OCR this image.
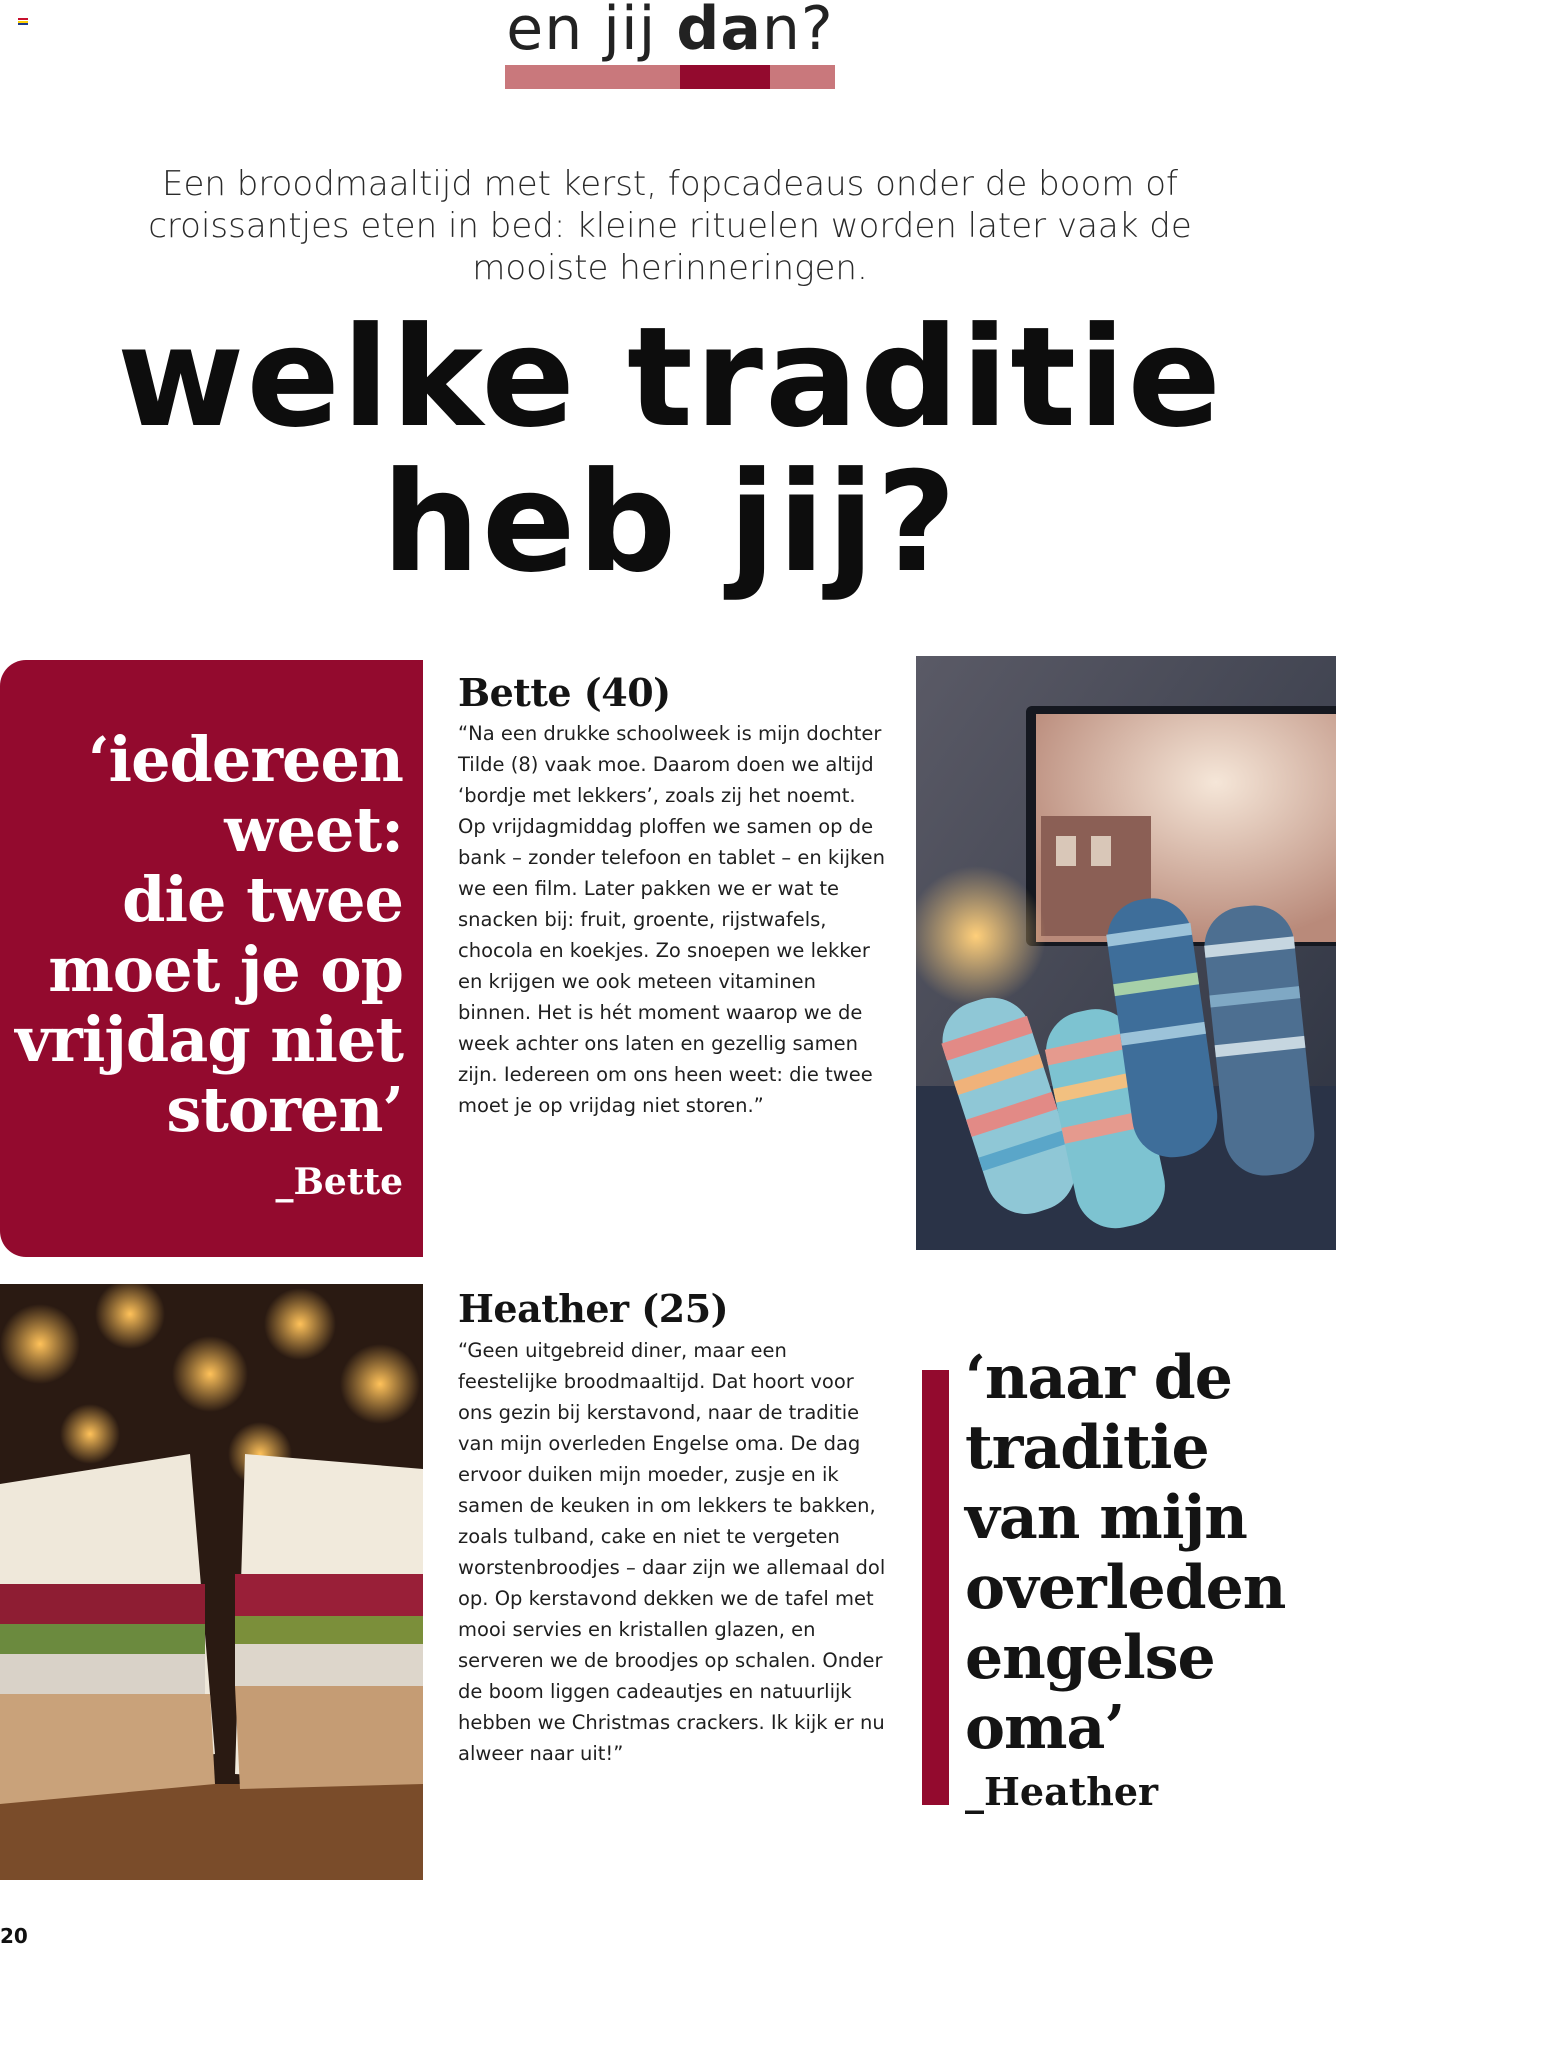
en jij dan?
Een broodmaaltijd met kerst, fopcadeaus onder de boom of croissantjes eten in bed: kleine rituelen worden later vaak de mooiste herinneringen.
welke traditie
heb jij?
‘iedereen
weet:
die twee
moet je op
vrijdag niet
storen’
_Bette
Bette (40)
“Na een drukke schoolweek is mijn dochter Tilde (8) vaak moe. Daarom doen we altijd ‘bordje met lekkers’, zoals zij het noemt. Op vrijdagmiddag ploffen we samen op de bank – zonder telefoon en tablet – en kijken we een film. Later pakken we er wat te snacken bij: fruit, groente, rijstwafels, chocola en koekjes. Zo snoepen we lekker en krijgen we ook meteen vitaminen binnen. Het is hét moment waarop we de week achter ons laten en gezellig samen zijn. Iedereen om ons heen weet: die twee moet je op vrijdag niet storen.”
Heather (25)
“Geen uitgebreid diner, maar een feestelijke broodmaaltijd. Dat hoort voor ons gezin bij kerstavond, naar de traditie van mijn overleden Engelse oma. De dag ervoor duiken mijn moeder, zusje en ik samen de keuken in om lekkers te bakken, zoals tulband, cake en niet te vergeten worstenbroodjes – daar zijn we allemaal dol op. Op kerstavond dekken we de tafel met mooi servies en kristallen glazen, en serveren we de broodjes op schalen. Onder de boom liggen cadeautjes en natuurlijk hebben we Christmas crackers. Ik kijk er nu alweer naar uit!”
‘naar de
traditie
van mijn
overleden
engelse
oma’
_Heather
20
